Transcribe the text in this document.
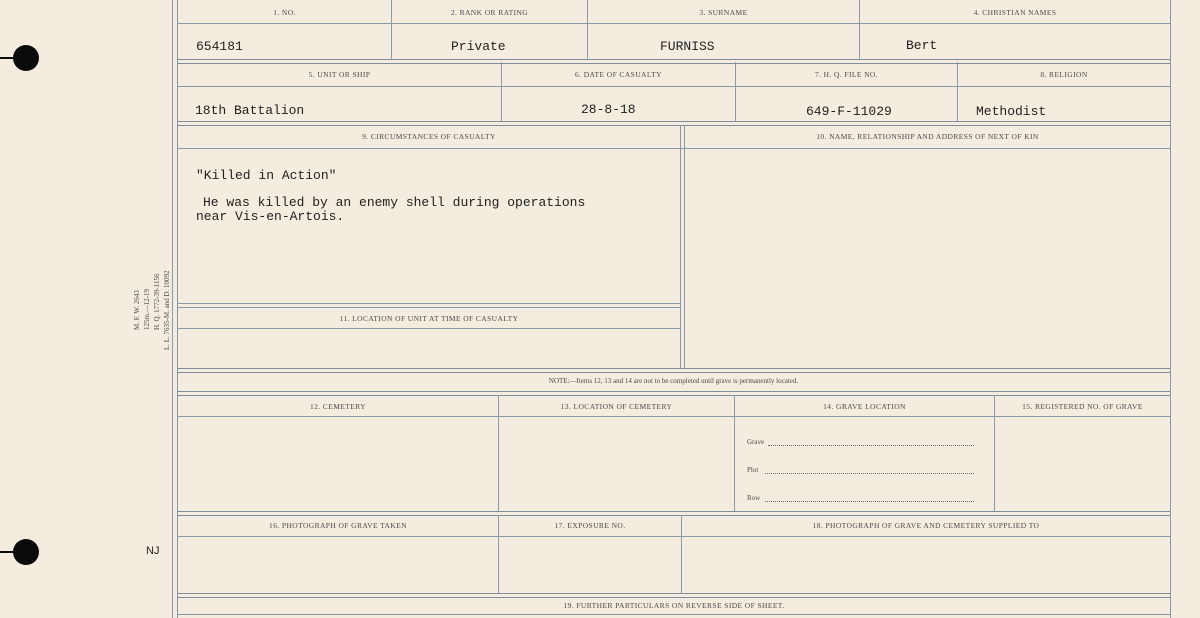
M. F. W. 2643 125m.—12-19 H. Q. 1772-39-1156 L. L. 7635-M. and D. 10092
NJ
1. NO.	2. RANK OR RATING	3. SURNAME	4. CHRISTIAN NAMES
654181	Private	FURNISS	Bert
5. UNIT OR SHIP	6. DATE OF CASUALTY	7. H. Q. FILE NO.	8. RELIGION
18th Battalion	28-8-18	649-F-11029	Methodist
9. CIRCUMSTANCES OF CASUALTY	10. NAME, RELATIONSHIP AND ADDRESS OF NEXT OF KIN
"Killed in Action"
He was killed by an enemy shell during operations
near Vis-en-Artois.
11. LOCATION OF UNIT AT TIME OF CASUALTY
NOTE:—Items 12, 13 and 14 are not to be completed until grave is permanently located.
12. CEMETERY	13. LOCATION OF CEMETERY	14. GRAVE LOCATION	15. REGISTERED NO. OF GRAVE
Grave
Plot
Row
16. PHOTOGRAPH OF GRAVE TAKEN	17. EXPOSURE NO.	18. PHOTOGRAPH OF GRAVE AND CEMETERY SUPPLIED TO
19. FURTHER PARTICULARS ON REVERSE SIDE OF SHEET.
